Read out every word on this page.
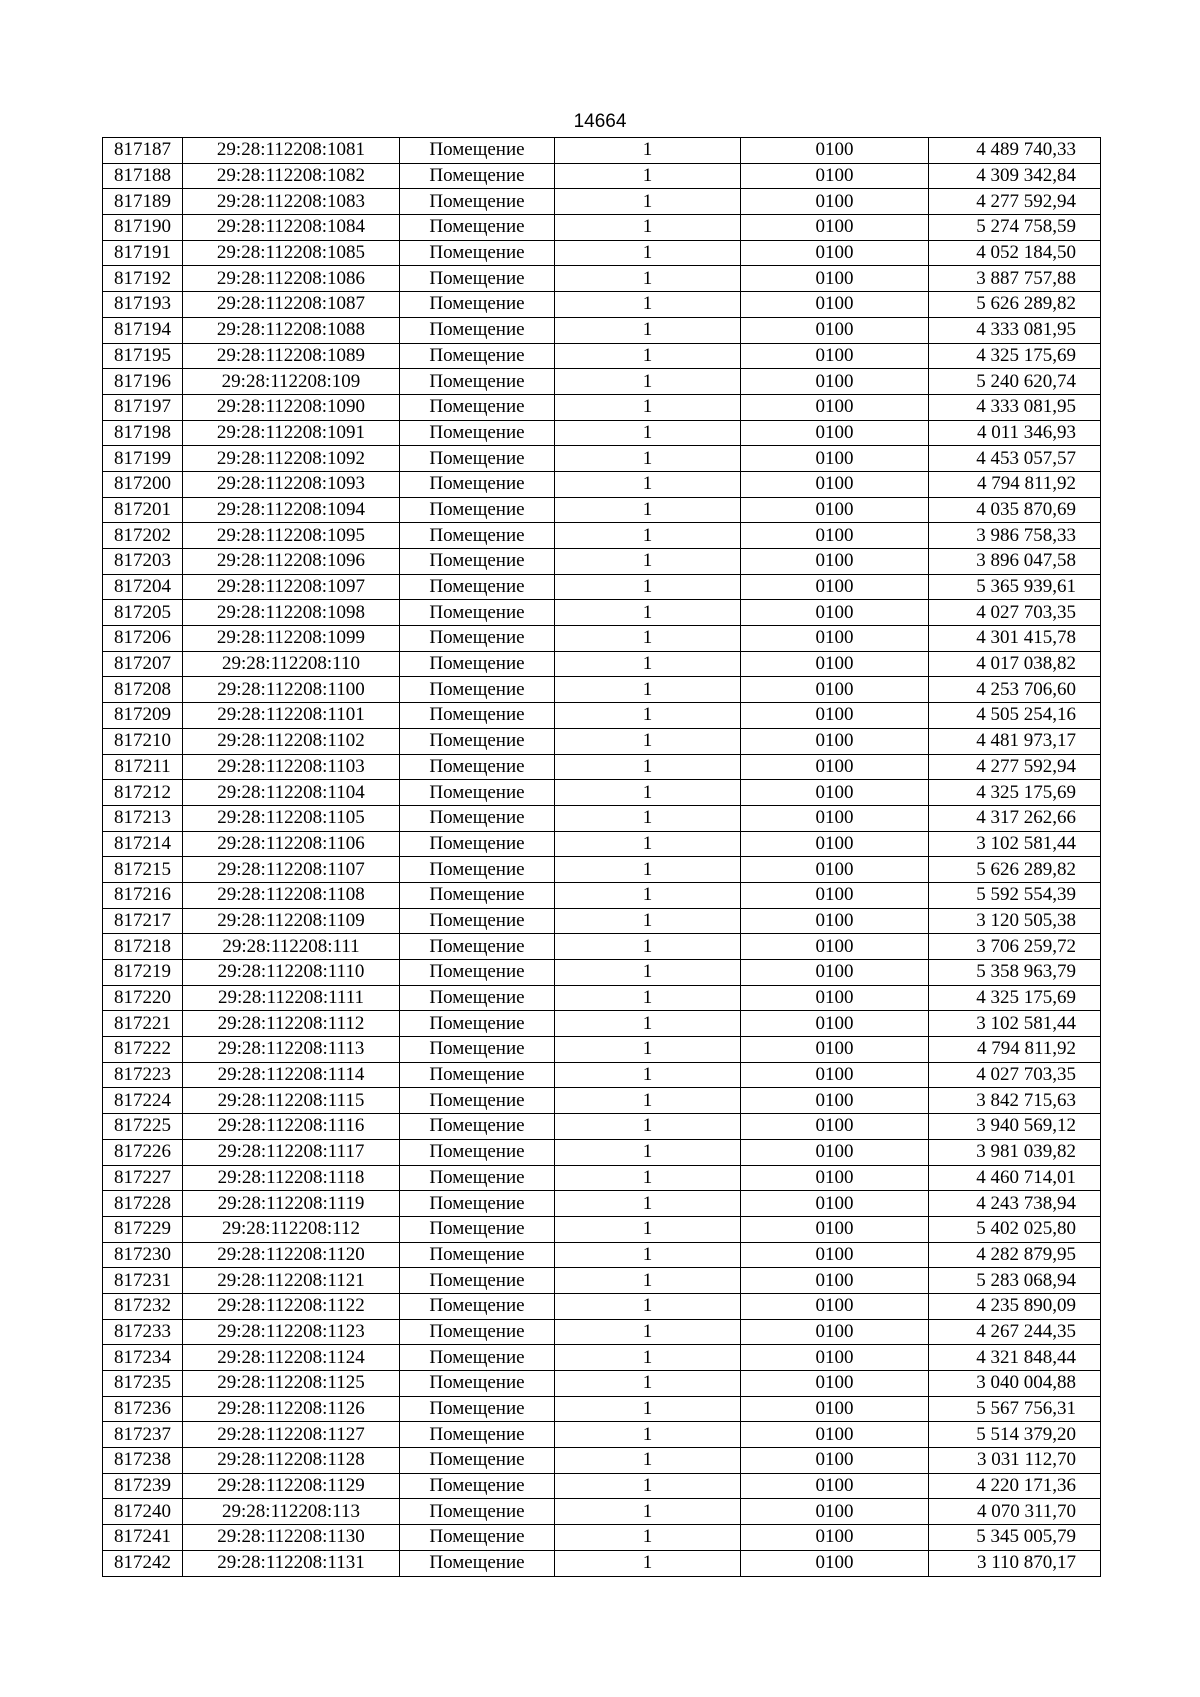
14664
817187	29:28:112208:1081	Помещение	1	0100	4 489 740,33
817188	29:28:112208:1082	Помещение	1	0100	4 309 342,84
817189	29:28:112208:1083	Помещение	1	0100	4 277 592,94
817190	29:28:112208:1084	Помещение	1	0100	5 274 758,59
817191	29:28:112208:1085	Помещение	1	0100	4 052 184,50
817192	29:28:112208:1086	Помещение	1	0100	3 887 757,88
817193	29:28:112208:1087	Помещение	1	0100	5 626 289,82
817194	29:28:112208:1088	Помещение	1	0100	4 333 081,95
817195	29:28:112208:1089	Помещение	1	0100	4 325 175,69
817196	29:28:112208:109	Помещение	1	0100	5 240 620,74
817197	29:28:112208:1090	Помещение	1	0100	4 333 081,95
817198	29:28:112208:1091	Помещение	1	0100	4 011 346,93
817199	29:28:112208:1092	Помещение	1	0100	4 453 057,57
817200	29:28:112208:1093	Помещение	1	0100	4 794 811,92
817201	29:28:112208:1094	Помещение	1	0100	4 035 870,69
817202	29:28:112208:1095	Помещение	1	0100	3 986 758,33
817203	29:28:112208:1096	Помещение	1	0100	3 896 047,58
817204	29:28:112208:1097	Помещение	1	0100	5 365 939,61
817205	29:28:112208:1098	Помещение	1	0100	4 027 703,35
817206	29:28:112208:1099	Помещение	1	0100	4 301 415,78
817207	29:28:112208:110	Помещение	1	0100	4 017 038,82
817208	29:28:112208:1100	Помещение	1	0100	4 253 706,60
817209	29:28:112208:1101	Помещение	1	0100	4 505 254,16
817210	29:28:112208:1102	Помещение	1	0100	4 481 973,17
817211	29:28:112208:1103	Помещение	1	0100	4 277 592,94
817212	29:28:112208:1104	Помещение	1	0100	4 325 175,69
817213	29:28:112208:1105	Помещение	1	0100	4 317 262,66
817214	29:28:112208:1106	Помещение	1	0100	3 102 581,44
817215	29:28:112208:1107	Помещение	1	0100	5 626 289,82
817216	29:28:112208:1108	Помещение	1	0100	5 592 554,39
817217	29:28:112208:1109	Помещение	1	0100	3 120 505,38
817218	29:28:112208:111	Помещение	1	0100	3 706 259,72
817219	29:28:112208:1110	Помещение	1	0100	5 358 963,79
817220	29:28:112208:1111	Помещение	1	0100	4 325 175,69
817221	29:28:112208:1112	Помещение	1	0100	3 102 581,44
817222	29:28:112208:1113	Помещение	1	0100	4 794 811,92
817223	29:28:112208:1114	Помещение	1	0100	4 027 703,35
817224	29:28:112208:1115	Помещение	1	0100	3 842 715,63
817225	29:28:112208:1116	Помещение	1	0100	3 940 569,12
817226	29:28:112208:1117	Помещение	1	0100	3 981 039,82
817227	29:28:112208:1118	Помещение	1	0100	4 460 714,01
817228	29:28:112208:1119	Помещение	1	0100	4 243 738,94
817229	29:28:112208:112	Помещение	1	0100	5 402 025,80
817230	29:28:112208:1120	Помещение	1	0100	4 282 879,95
817231	29:28:112208:1121	Помещение	1	0100	5 283 068,94
817232	29:28:112208:1122	Помещение	1	0100	4 235 890,09
817233	29:28:112208:1123	Помещение	1	0100	4 267 244,35
817234	29:28:112208:1124	Помещение	1	0100	4 321 848,44
817235	29:28:112208:1125	Помещение	1	0100	3 040 004,88
817236	29:28:112208:1126	Помещение	1	0100	5 567 756,31
817237	29:28:112208:1127	Помещение	1	0100	5 514 379,20
817238	29:28:112208:1128	Помещение	1	0100	3 031 112,70
817239	29:28:112208:1129	Помещение	1	0100	4 220 171,36
817240	29:28:112208:113	Помещение	1	0100	4 070 311,70
817241	29:28:112208:1130	Помещение	1	0100	5 345 005,79
817242	29:28:112208:1131	Помещение	1	0100	3 110 870,17
